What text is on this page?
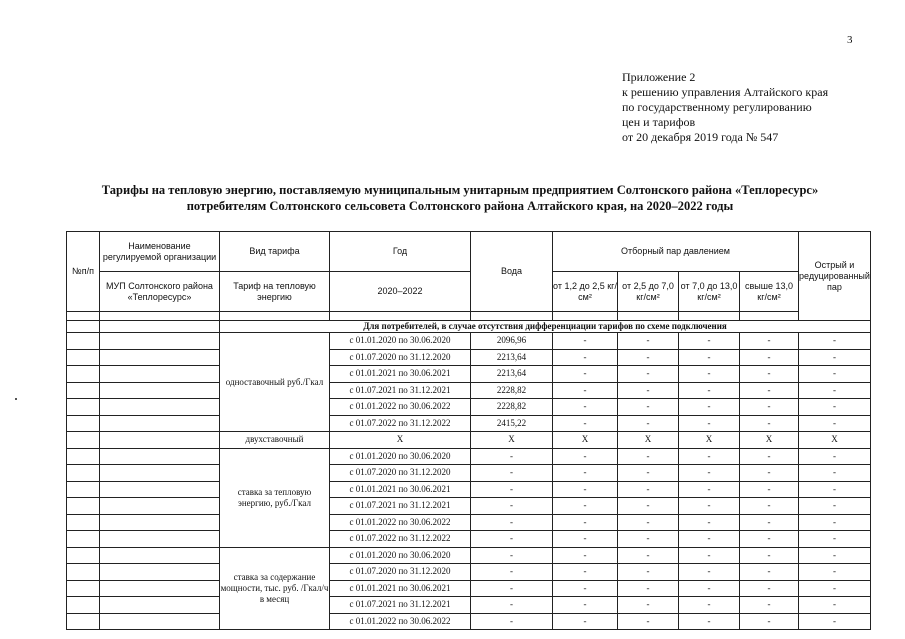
3
Приложение 2
к решению управления Алтайского края
по государственному регулированию
цен и тарифов
от 20 декабря 2019 года № 547
Тарифы на тепловую энергию, поставляемую муниципальным унитарным предприятием Солтонского района «Теплоресурс»
потребителям Солтонского сельсовета Солтонского района Алтайского края, на 2020–2022 годы
№п/п	Наименование регулируемой организации	Вид тарифа	Год	Вода	Отборный пар давлением				Острый и редуцированный пар
	МУП Солтонского района «Теплоресурс»	Тариф на тепловую энергию	2020–2022		от 1,2 до 2,5 кг/см²	от 2,5 до 7,0 кг/см²	от 7,0 до 13,0 кг/см²	свыше 13,0 кг/см²	

		Для потребителей, в случае отсутствия дифференциации тарифов по схеме подключения							
		одноставочный руб./Гкал	с 01.01.2020 по 30.06.2020	2096,96	-	-	-	-	-
			с 01.07.2020 по 31.12.2020	2213,64	-	-	-	-	-
			с 01.01.2021 по 30.06.2021	2213,64	-	-	-	-	-
			с 01.07.2021 по 31.12.2021	2228,82	-	-	-	-	-
			с 01.01.2022 по 30.06.2022	2228,82	-	-	-	-	-
			с 01.07.2022 по 31.12.2022	2415,22	-	-	-	-	-
		двухставочный	X	X	X	X	X	X	X
		ставка за тепловую энергию, руб./Гкал	с 01.01.2020 по 30.06.2020	-	-	-	-	-	-
			с 01.07.2020 по 31.12.2020	-	-	-	-	-	-
			с 01.01.2021 по 30.06.2021	-	-	-	-	-	-
			с 01.07.2021 по 31.12.2021	-	-	-	-	-	-
			с 01.01.2022 по 30.06.2022	-	-	-	-	-	-
			с 01.07.2022 по 31.12.2022	-	-	-	-	-	-
		ставка за содержание мощности, тыс. руб. /Гкал/ч в месяц	с 01.01.2020 по 30.06.2020	-	-	-	-	-	-
			с 01.07.2020 по 31.12.2020	-	-	-	-	-	-
			с 01.01.2021 по 30.06.2021	-	-	-	-	-	-
			с 01.07.2021 по 31.12.2021	-	-	-	-	-	-
			с 01.01.2022 по 30.06.2022	-	-	-	-	-	-
